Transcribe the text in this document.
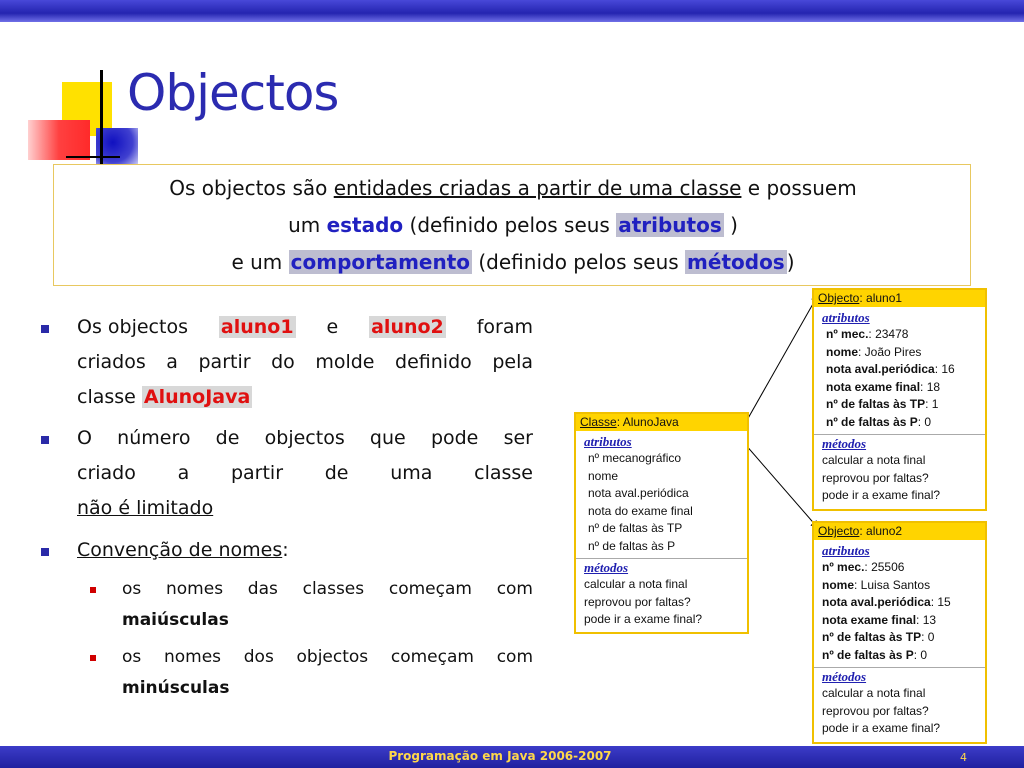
Objectos
Os objectos são entidades criadas a partir de uma classe e possuem
um estado (definido pelos seus atributos )
e um comportamento (definido pelos seus métodos )
Os objectos aluno1 e aluno2 foram
criados a partir do molde definido pela
classe AlunoJava
O número de objectos que pode ser
criado a partir de uma classe
não é limitado
Convenção de nomes:
os nomes das classes começam com
maiúsculas
os nomes dos objectos começam com
minúsculas
Classe: AlunoJava
atributos
nº mecanográfico
nome
nota aval.periódica
nota do exame final
nº de faltas às TP
nº de faltas às P
métodos
calcular a nota final
reprovou por faltas?
pode ir a exame final?
Objecto: aluno1
atributos
nº mec.: 23478
nome: João Pires
nota aval.periódica: 16
nota exame final: 18
nº de faltas às TP: 1
nº de faltas às P: 0
métodos
calcular a nota final
reprovou por faltas?
pode ir a exame final?
Objecto: aluno2
atributos
nº mec.: 25506
nome: Luisa Santos
nota aval.periódica: 15
nota exame final: 13
nº de faltas às TP: 0
nº de faltas às P: 0
métodos
calcular a nota final
reprovou por faltas?
pode ir a exame final?
Programação em Java 2006-2007	4
